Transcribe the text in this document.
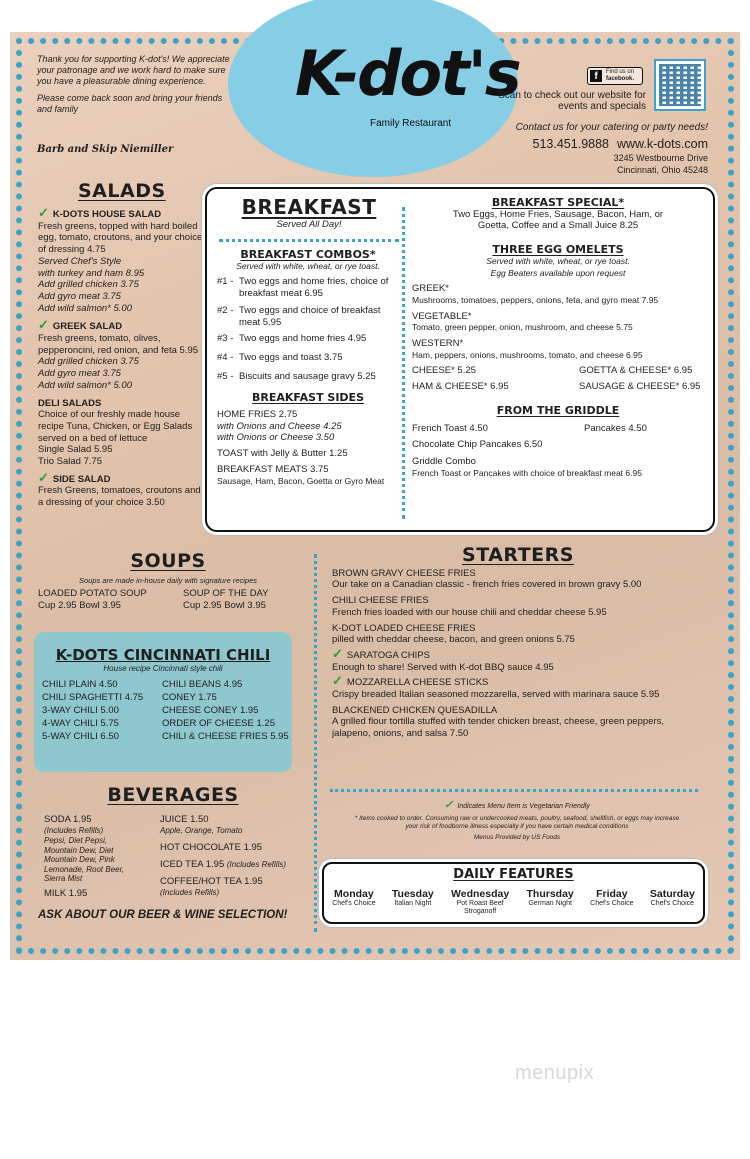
K-dot's
Family Restaurant

Thank you for supporting K-dot's! We appreciate your patronage and we work hard to make sure you have a pleasurable dining experience.

Please come back soon and bring your friends and family

Barb and Skip Niemiller
f	Find us on
facebook.
Scan to check out our website for events and specials
Contact us for your catering or party needs!
513.451.9888 www.k-dots.com
3245 Westbourne Drive
Cincinnati, Ohio 45248
SALADS
✓ K-DOTS HOUSE SALAD
Fresh greens, topped with hard boiled egg, tomato, croutons, and your choice of dressing 4.75
Served Chef's Style
with turkey and ham 8.95
Add grilled chicken 3.75
Add gyro meat 3.75
Add wild salmon* 5.00
✓ GREEK SALAD
Fresh greens, tomato, olives, pepperoncini, red onion, and feta 5.95
Add grilled chicken 3.75
Add gyro meat 3.75
Add wild salmon* 5.00
DELI SALADS
Choice of our freshly made house recipe Tuna, Chicken, or Egg Salads served on a bed of lettuce
Single Salad 5.95
Trio Salad 7.75
✓ SIDE SALAD
Fresh Greens, tomatoes, croutons and a dressing of your choice 3.50
BREAKFAST
Served All Day!
BREAKFAST COMBOS*
Served with white, wheat, or rye toast.
#1 - Two eggs and home fries, choice of breakfast meat 6.95
#2 - Two eggs and choice of breakfast meat 5.95
#3 - Two eggs and home fries 4.95
#4 - Two eggs and toast 3.75
#5 - Biscuits and sausage gravy 5.25
BREAKFAST SIDES
HOME FRIES 2.75
with Onions and Cheese 4.25
with Onions or Cheese 3.50
TOAST with Jelly & Butter 1.25
BREAKFAST MEATS 3.75
Sausage, Ham, Bacon, Goetta or Gyro Meat
BREAKFAST SPECIAL*
Two Eggs, Home Fries, Sausage, Bacon, Ham, or Goetta, Coffee and a Small Juice 8.25
THREE EGG OMELETS
Served with white, wheat, or rye toast.
Egg Beaters available upon request
GREEK*
Mushrooms, tomatoes, peppers, onions, feta, and gyro meat 7.95
VEGETABLE*
Tomato, green pepper, onion, mushroom, and cheese 5.75
WESTERN*
Ham, peppers, onions, mushrooms, tomato, and cheese 6.95
CHEESE* 5.25	GOETTA & CHEESE* 6.95
HAM & CHEESE* 6.95	SAUSAGE & CHEESE* 6.95
FROM THE GRIDDLE
French Toast 4.50	Pancakes 4.50
Chocolate Chip Pancakes 6.50
Griddle Combo
French Toast or Pancakes with choice of breakfast meat 6.95
SOUPS
Soups are made in-house daily with signature recipes
LOADED POTATO SOUP
Cup 2.95 Bowl 3.95
SOUP OF THE DAY
Cup 2.95 Bowl 3.95
K-DOTS CINCINNATI CHILI
House recipe Cincinnati style chili
CHILI PLAIN 4.50	CHILI BEANS 4.95
CHILI SPAGHETTI 4.75	CONEY 1.75
3-WAY CHILI 5.00	CHEESE CONEY 1.95
4-WAY CHILI 5.75	ORDER OF CHEESE 1.25
5-WAY CHILI 6.50	CHILI & CHEESE FRIES 5.95
BEVERAGES
SODA 1.95
(Includes Refills)
Pepsi, Diet Pepsi, Mountain Dew, Diet Mountain Dew, Pink Lemonade, Root Beer, Sierra Mist
MILK 1.95
JUICE 1.50
Apple, Orange, Tomato
HOT CHOCOLATE 1.95
ICED TEA 1.95 (Includes Refills)
COFFEE/HOT TEA 1.95
(Includes Refills)
ASK ABOUT OUR BEER & WINE SELECTION!
STARTERS
BROWN GRAVY CHEESE FRIES
Our take on a Canadian classic - french fries covered in brown gravy 5.00
CHILI CHEESE FRIES
French fries loaded with our house chili and cheddar cheese 5.95
K-DOT LOADED CHEESE FRIES
pilled with cheddar cheese, bacon, and green onions 5.75
✓ SARATOGA CHIPS
Enough to share! Served with K-dot BBQ sauce 4.95
✓ MOZZARELLA CHEESE STICKS
Crispy breaded Italian seasoned mozzarella, served with marinara sauce 5.95
BLACKENED CHICKEN QUESADILLA
A grilled flour tortilla stuffed with tender chicken breast, cheese, green peppers, jalapeno, onions, and salsa 7.50
✓ Indicates Menu Item is Vegetarian Friendly
* Items cooked to order. Consuming raw or undercooked meats, poultry, seafood, shellfish, or eggs may increase your risk of foodborne illness especially if you have certain medical conditions
Menus Provided by US Foods
DAILY FEATURES
Monday
Chef's Choice
Tuesday
Italian Night
Wednesday
Pot Roast Beef Stroganoff
Thursday
German Night
Friday
Chef's Choice
Saturday
Chef's Choice
menupix
